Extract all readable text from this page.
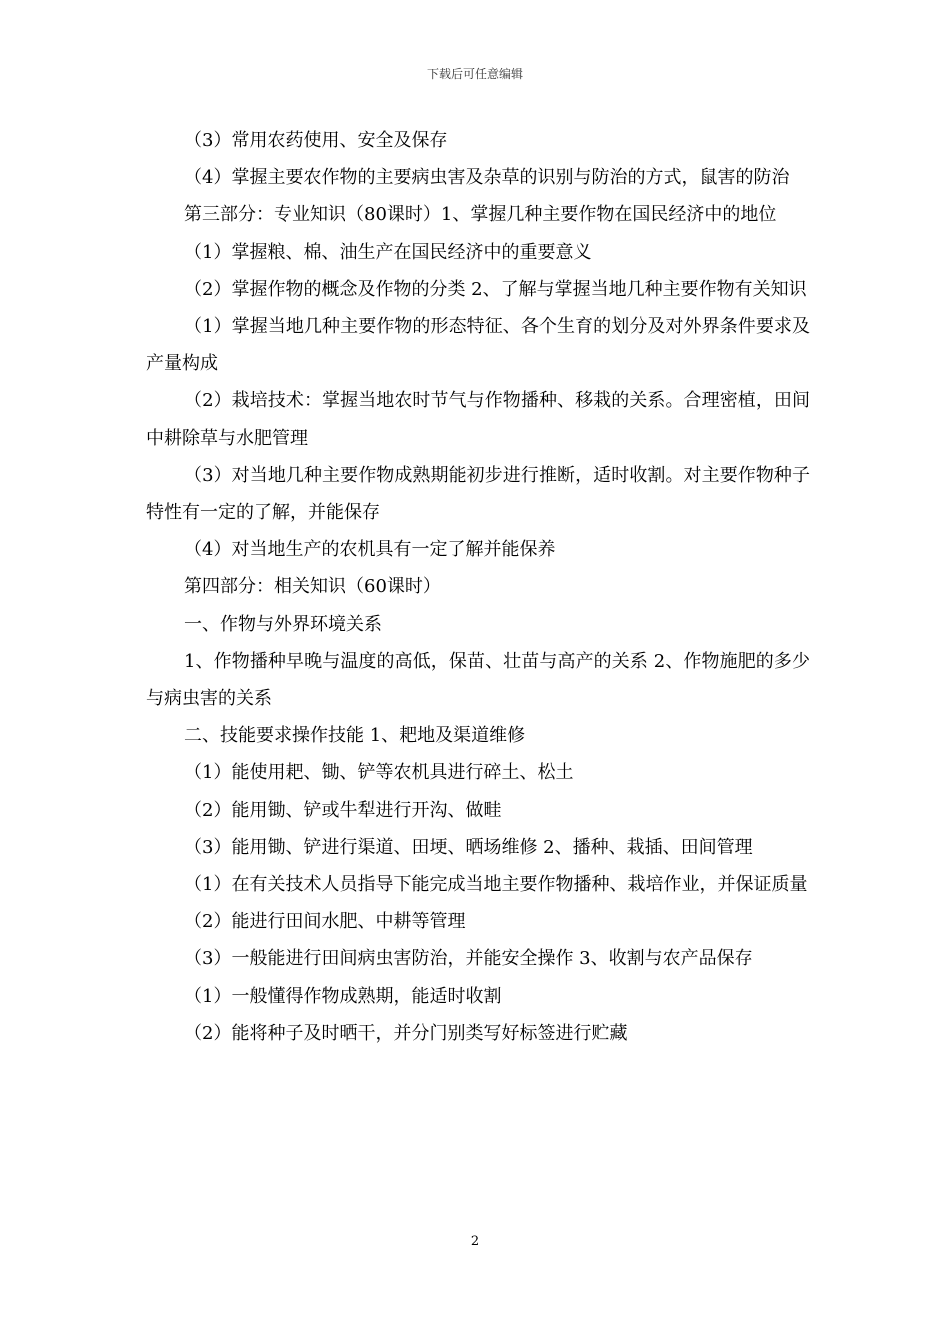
下载后可任意编辑

（3）常用农药使用、安全及保存

（4）掌握主要农作物的主要病虫害及杂草的识别与防治的方式，鼠害的防治

第三部分：专业知识（80课时）1、掌握几种主要作物在国民经济中的地位

（1）掌握粮、棉、油生产在国民经济中的重要意义

（2）掌握作物的概念及作物的分类 2、了解与掌握当地几种主要作物有关知识

（1）掌握当地几种主要作物的形态特征、各个生育的划分及对外界条件要求及产量构成

（2）栽培技术：掌握当地农时节气与作物播种、移栽的关系。合理密植，田间中耕除草与水肥管理

（3）对当地几种主要作物成熟期能初步进行推断，适时收割。对主要作物种子特性有一定的了解，并能保存

（4）对当地生产的农机具有一定了解并能保养

第四部分：相关知识（60课时）

一、作物与外界环境关系

1、作物播种早晚与温度的高低，保苗、壮苗与高产的关系 2、作物施肥的多少与病虫害的关系

二、技能要求操作技能 1、耙地及渠道维修

（1）能使用耙、锄、铲等农机具进行碎土、松土

（2）能用锄、铲或牛犁进行开沟、做畦

（3）能用锄、铲进行渠道、田埂、晒场维修 2、播种、栽插、田间管理

（1）在有关技术人员指导下能完成当地主要作物播种、栽培作业，并保证质量

（2）能进行田间水肥、中耕等管理

（3）一般能进行田间病虫害防治，并能安全操作 3、收割与农产品保存

（1）一般懂得作物成熟期，能适时收割

（2）能将种子及时晒干，并分门别类写好标签进行贮藏

2
